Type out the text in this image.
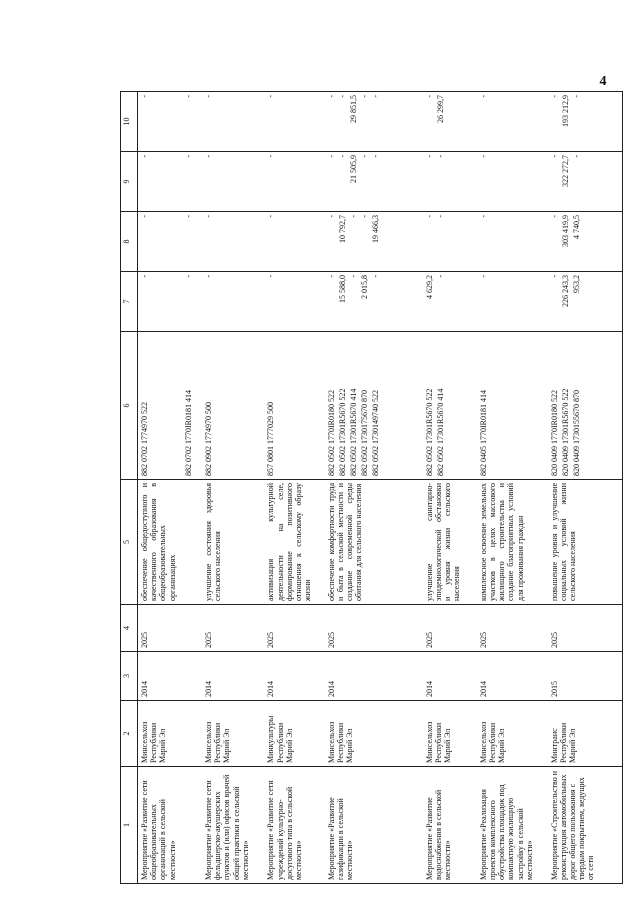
4
1	2	3	4	5	6	7	8	9	10
Мероприятие «Развитие сети общеобразовательных организаций в сельской местности»	Минсельхоз Республики Марий Эл	2014	2025	обеспечение общедоступного и качественного образования в общеобразовательных организациях	882 0702 1774970 522 882 0702 1770IR0181 414	- -	- -	- -	- -

Мероприятие «Развитие сети фельдшерско-акушерских пунктов и (или) офисов врачей общей практики в сельской местности»	Минсельхоз Республики Марий Эл	2014	2025	улучшение состояния здоровья сельского населения	882 0902 1774970 500	-	-	-	-

Мероприятие «Развитие сети учреждений культурно-досугового типа в сельской местности»	Минкультуры Республики Марий Эл	2014	2025	активизация культурной деятельности на селе, формирование позитивного отношения к сельскому образу жизни	857 0801 1777029 500	-	-	-	-

Мероприятие «Развитие газификации в сельской местности»	Минсельхоз Республики Марий Эл	2014	2025	обеспечение комфортности труда и быта в сельской местности и создание современной среды обитания для сельского населения	882 0502 1770IR0180 522 882 0502 17301R5670 522 882 0502 17301R5670 414 882 0502 1730175670 870 882 0502 1730149740 522	- 15 588,0 - 2 015,8 -	- 10 792,7 - - 19 466,3	- - 21 505,9 - -	- - 29 851,5 - -

Мероприятие «Развитие водоснабжения в сельской местности»	Минсельхоз Республики Марий Эл	2014	2025	улучшение санитарно-эпидемиологической обстановки и уровня жизни сельского населения	882 0502 17301R5670 522 882 0502 17301R5670 414	4 629,2 -	- -	- -	- 26 299,7

Мероприятие «Реализация проектов комплексного обустройства площадок под компактную жилищную застройку в сельской местности»	Минсельхоз Республики Марий Эл	2014	2025	комплексное освоение земельных участков в целях массового жилищного строительства и создание благоприятных условий для проживания граждан	882 0405 1770IR0181 414	-	-	-	-

Мероприятие «Строительство и реконструкция автомобильных дорог общего пользования с твердым покрытием, ведущих от сети	Минтранс Республики Марий Эл	2015	2025	повышение уровня и улучшение социальных условий жизни сельского населения	820 0409 1770IR0180 522 820 0409 17301R5670 522 820 0409 1730155670 870	- 226 243,3 953,2	- 303 419,9 4 740,5	- 322 272,7 -	- 193 212,9 -
